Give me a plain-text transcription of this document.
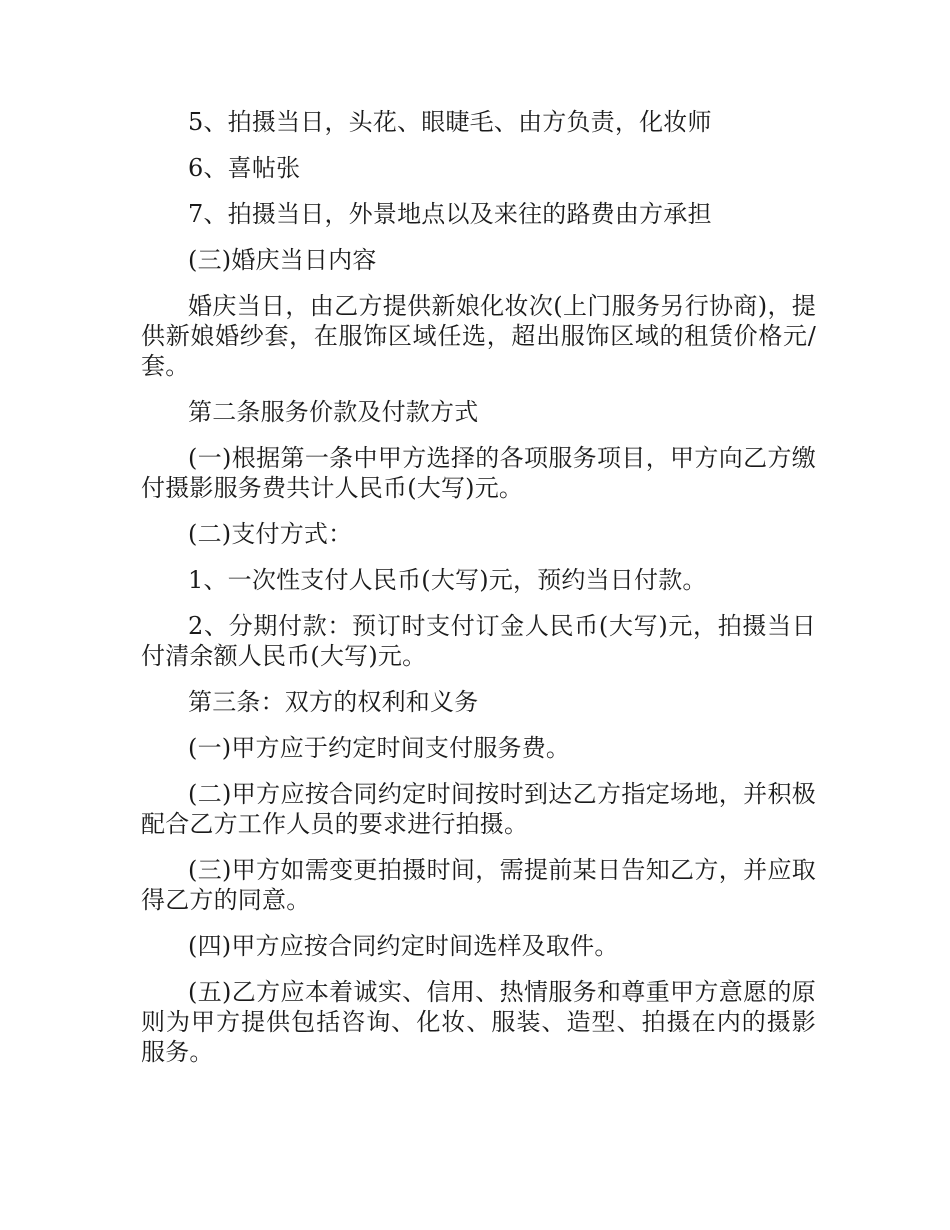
5、拍摄当日，头花、眼睫毛、由方负责，化妆师

6、喜帖张

7、拍摄当日，外景地点以及来往的路费由方承担

(三)婚庆当日内容

婚庆当日，由乙方提供新娘化妆次(上门服务另行协商)，提供新娘婚纱套，在服饰区域任选，超出服饰区域的租赁价格元/套。

第二条服务价款及付款方式

(一)根据第一条中甲方选择的各项服务项目，甲方向乙方缴付摄影服务费共计人民币(大写)元。

(二)支付方式：

1、一次性支付人民币(大写)元，预约当日付款。

2、分期付款：预订时支付订金人民币(大写)元，拍摄当日付清余额人民币(大写)元。

第三条：双方的权利和义务

(一)甲方应于约定时间支付服务费。

(二)甲方应按合同约定时间按时到达乙方指定场地，并积极配合乙方工作人员的要求进行拍摄。

(三)甲方如需变更拍摄时间，需提前某日告知乙方，并应取得乙方的同意。

(四)甲方应按合同约定时间选样及取件。

(五)乙方应本着诚实、信用、热情服务和尊重甲方意愿的原则为甲方提供包括咨询、化妆、服装、造型、拍摄在内的摄影服务。
